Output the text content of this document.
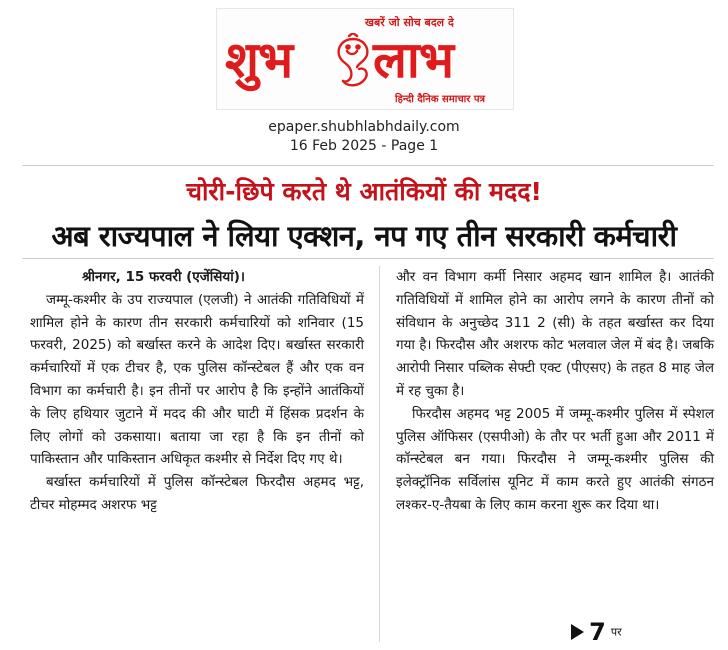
खबरें जो सोच बदल दे
शुभ लाभ
हिन्दी दैनिक समाचार पत्र
epaper.shubhlabhdaily.com
16 Feb 2025 - Page 1
चोरी-छिपे करते थे आतंकियों की मदद!
अब राज्यपाल ने लिया एक्शन, नप गए तीन सरकारी कर्मचारी

श्रीनगर, 15 फरवरी (एजेंसियां)।

जम्मू-कश्मीर के उप राज्यपाल (एलजी) ने आतंकी गतिविधियों में शामिल होने के कारण तीन सरकारी कर्मचारियों को शनिवार (15 फरवरी, 2025) को बर्खास्त करने के आदेश दिए। बर्खास्त सरकारी कर्मचारियों में एक टीचर है, एक पुलिस कॉन्स्टेबल हैं और एक वन विभाग का कर्मचारी है। इन तीनों पर आरोप है कि इन्होंने आतंकियों के लिए हथियार जुटाने में मदद की और घाटी में हिंसक प्रदर्शन के लिए लोगों को उकसाया। बताया जा रहा है कि इन तीनों को पाकिस्तान और पाकिस्तान अधिकृत कश्मीर से निर्देश दिए गए थे।

बर्खास्त कर्मचारियों में पुलिस कॉन्स्टेबल फिरदौस अहमद भट्ट, टीचर मोहम्मद अशरफ भट्ट

और वन विभाग कर्मी निसार अहमद खान शामिल है। आतंकी गतिविधियों में शामिल होने का आरोप लगने के कारण तीनों को संविधान के अनुच्छेद 311 2 (सी) के तहत बर्खास्त कर दिया गया है। फिरदौस और अशरफ कोट भलवाल जेल में बंद है। जबकि आरोपी निसार पब्लिक सेफ्टी एक्ट (पीएसए) के तहत 8 माह जेल में रह चुका है।

फिरदौस अहमद भट्ट 2005 में जम्मू-कश्मीर पुलिस में स्पेशल पुलिस ऑफिसर (एसपीओ) के तौर पर भर्ती हुआ और 2011 में कॉन्स्टेबल बन गया। फिरदौस ने जम्मू-कश्मीर पुलिस की इलेक्ट्रॉनिक सर्विलांस यूनिट में काम करते हुए आतंकी संगठन लश्कर-ए-तैयबा के लिए काम करना शुरू कर दिया था।

7 पर
